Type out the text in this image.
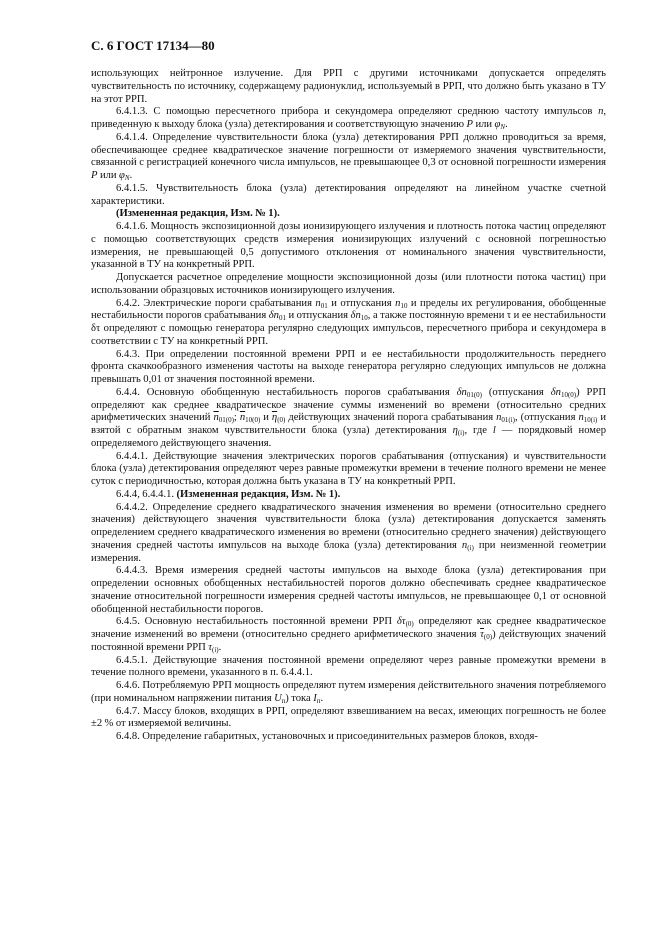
С. 6 ГОСТ 17134—80

использующих нейтронное излучение. Для РРП с другими источниками допускается определять чувствительность по источнику, содержащему радионуклид, используемый в РРП, что должно быть указано в ТУ на этот РРП.

6.4.1.3. С помощью пересчетного прибора и секундомера определяют среднюю частоту импульсов n, приведенную к выходу блока (узла) детектирования и соответствующую значению P или $\varphi_N$.

6.4.1.4. Определение чувствительности блока (узла) детектирования РРП должно проводиться за время, обеспечивающее среднее квадратическое значение погрешности от измеряемого значения чувствительности, связанной с регистрацией конечного числа импульсов, не превышающее 0,3 от основной погрешности измерения P или $\varphi_N$.

6.4.1.5. Чувствительность блока (узла) детектирования определяют на линейном участке счетной характеристики.

(Измененная редакция, Изм. № 1).

6.4.1.6. Мощность экспозиционной дозы ионизирующего излучения и плотность потока частиц определяют с помощью соответствующих средств измерения ионизирующих излучений с основной погрешностью измерения, не превышающей 0,5 допустимого отклонения от номинального значения чувствительности, указанной в ТУ на конкретный РРП.

Допускается расчетное определение мощности экспозиционной дозы (или плотности потока частиц) при использовании образцовых источников ионизирующего излучения.

6.4.2. Электрические пороги срабатывания $n_{01}$ и отпускания $n_{10}$ и пределы их регулирования, обобщенные нестабильности порогов срабатывания $\delta n_{01}$ и отпускания $\delta n_{10}$, а также постоянную времени τ и ее нестабильности δτ определяют с помощью генератора регулярно следующих импульсов, пересчетного прибора и секундомера в соответствии с ТУ на конкретный РРП.

6.4.3. При определении постоянной времени РРП и ее нестабильности продолжительность переднего фронта скачкообразного изменения частоты на выходе генератора регулярно следующих импульсов не должна превышать 0,01 от значения постоянной времени.

6.4.4. Основную обобщенную нестабильность порогов срабатывания $\delta n_{01(0)}$ (отпускания $\delta n_{10(0)}$) РРП определяют как среднее квадратическое значение суммы изменений во времени (относительно средних арифметических значений $\overline{n}_{01(0)}$; $\overline{n}_{10(0)}$ и $\overline{\eta}_{(0)}$ действующих значений порога срабатывания $n_{01(i)}$, (отпускания $n_{10(i)}$ и взятой с обратным знаком чувствительности блока (узла) детектирования $\eta_{(i)}$, где l — порядковый номер определяемого действующего значения.

6.4.4.1. Действующие значения электрических порогов срабатывания (отпускания) и чувствительности блока (узла) детектирования определяют через равные промежутки времени в течение полного времени не менее суток с периодичностью, которая должна быть указана в ТУ на конкретный РРП.

6.4.4, 6.4.4.1. (Измененная редакция, Изм. № 1).

6.4.4.2. Определение среднего квадратического значения изменения во времени (относительно среднего значения) действующего значения чувствительности блока (узла) детектирования допускается заменять определением среднего квадратического изменения во времени (относительно среднего значения) действующего значения средней частоты импульсов на выходе блока (узла) детектирования $n_{(i)}$ при неизменной геометрии измерения.

6.4.4.3. Время измерения средней частоты импульсов на выходе блока (узла) детектирования при определении основных обобщенных нестабильностей порогов должно обеспечивать среднее квадратическое значение относительной погрешности измерения средней частоты импульсов, не превышающее 0,1 от основной обобщенной нестабильности порогов.

6.4.5. Основную нестабильность постоянной времени РРП $\delta\tau_{(0)}$ определяют как среднее квадратическое значение изменений во времени (относительно среднего арифметического значения $\overline{\tau}_{(0)}$) действующих значений постоянной времени РРП $\tau_{(i)}$.

6.4.5.1. Действующие значения постоянной времени определяют через равные промежутки времени в течение полного времени, указанного в п. 6.4.4.1.

6.4.6. Потребляемую РРП мощность определяют путем измерения действительного значения потребляемого (при номинальном напряжении питания $U_n$) тока $I_п$.

6.4.7. Массу блоков, входящих в РРП, определяют взвешиванием на весах, имеющих погрешность не более ±2 % от измеряемой величины.

6.4.8. Определение габаритных, установочных и присоединительных размеров блоков, входя-
